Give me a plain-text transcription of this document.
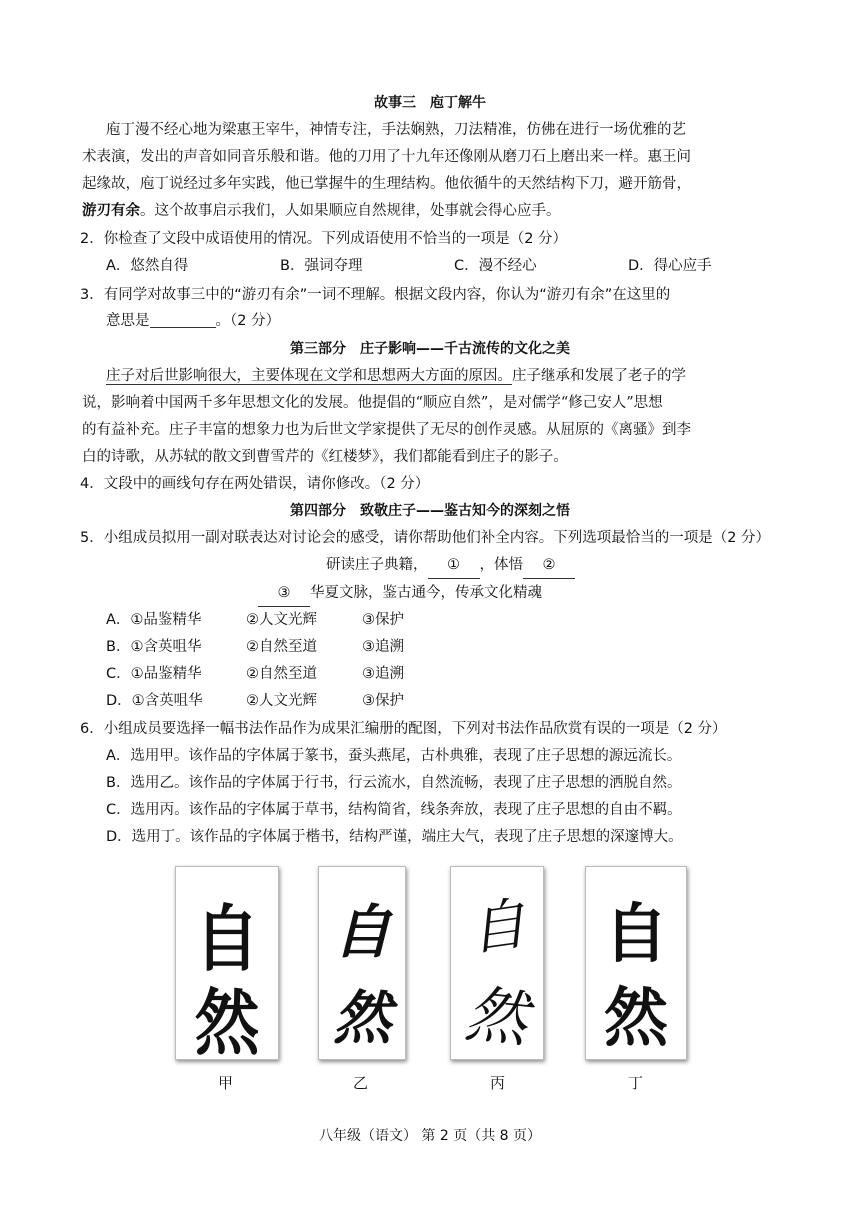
故事三　庖丁解牛
庖丁漫不经心地为梁惠王宰牛，神情专注，手法娴熟，刀法精准，仿佛在进行一场优雅的艺
术表演，发出的声音如同音乐般和谐。他的刀用了十九年还像刚从磨刀石上磨出来一样。惠王问
起缘故，庖丁说经过多年实践，他已掌握牛的生理结构。他依循牛的天然结构下刀，避开筋骨，
游刃有余。这个故事启示我们，人如果顺应自然规律，处事就会得心应手。
2．你检查了文段中成语使用的情况。下列成语使用不恰当的一项是（2 分）
A．悠然自得	B．强词夺理	C．漫不经心	D．得心应手
3．有同学对故事三中的“游刃有余”一词不理解。根据文段内容，你认为“游刃有余”在这里的
意思是	。（2 分）
第三部分　庄子影响——千古流传的文化之美
庄子对后世影响很大，主要体现在文学和思想两大方面的原因。庄子继承和发展了老子的学
说，影响着中国两千多年思想文化的发展。他提倡的“顺应自然”，是对儒学“修己安人”思想
的有益补充。庄子丰富的想象力也为后世文学家提供了无尽的创作灵感。从屈原的《离骚》到李
白的诗歌，从苏轼的散文到曹雪芹的《红楼梦》，我们都能看到庄子的影子。
4．文段中的画线句存在两处错误，请你修改。（2 分）
第四部分　致敬庄子——鉴古知今的深刻之悟
5．小组成员拟用一副对联表达对讨论会的感受，请你帮助他们补全内容。下列选项最恰当的一项是（2 分）
研读庄子典籍， ① ，体悟 ②
③ 华夏文脉，鉴古通今，传承文化精魂
A．①品鉴精华	②人文光辉	③保护
B．①含英咀华	②自然至道	③追溯
C．①品鉴精华	②自然至道	③追溯
D．①含英咀华	②人文光辉	③保护
6．小组成员要选择一幅书法作品作为成果汇编册的配图，下列对书法作品欣赏有误的一项是（2 分）
A．选用甲。该作品的字体属于篆书，蚕头燕尾，古朴典雅，表现了庄子思想的源远流长。
B．选用乙。该作品的字体属于行书，行云流水，自然流畅，表现了庄子思想的洒脱自然。
C．选用丙。该作品的字体属于草书，结构简省，线条奔放，表现了庄子思想的自由不羁。
D．选用丁。该作品的字体属于楷书，结构严谨，端庄大气，表现了庄子思想的深邃博大。
自
然
自
然
自
然
自
然
甲	乙	丙	丁
八年级（语文） 第 2 页（共 8 页）
